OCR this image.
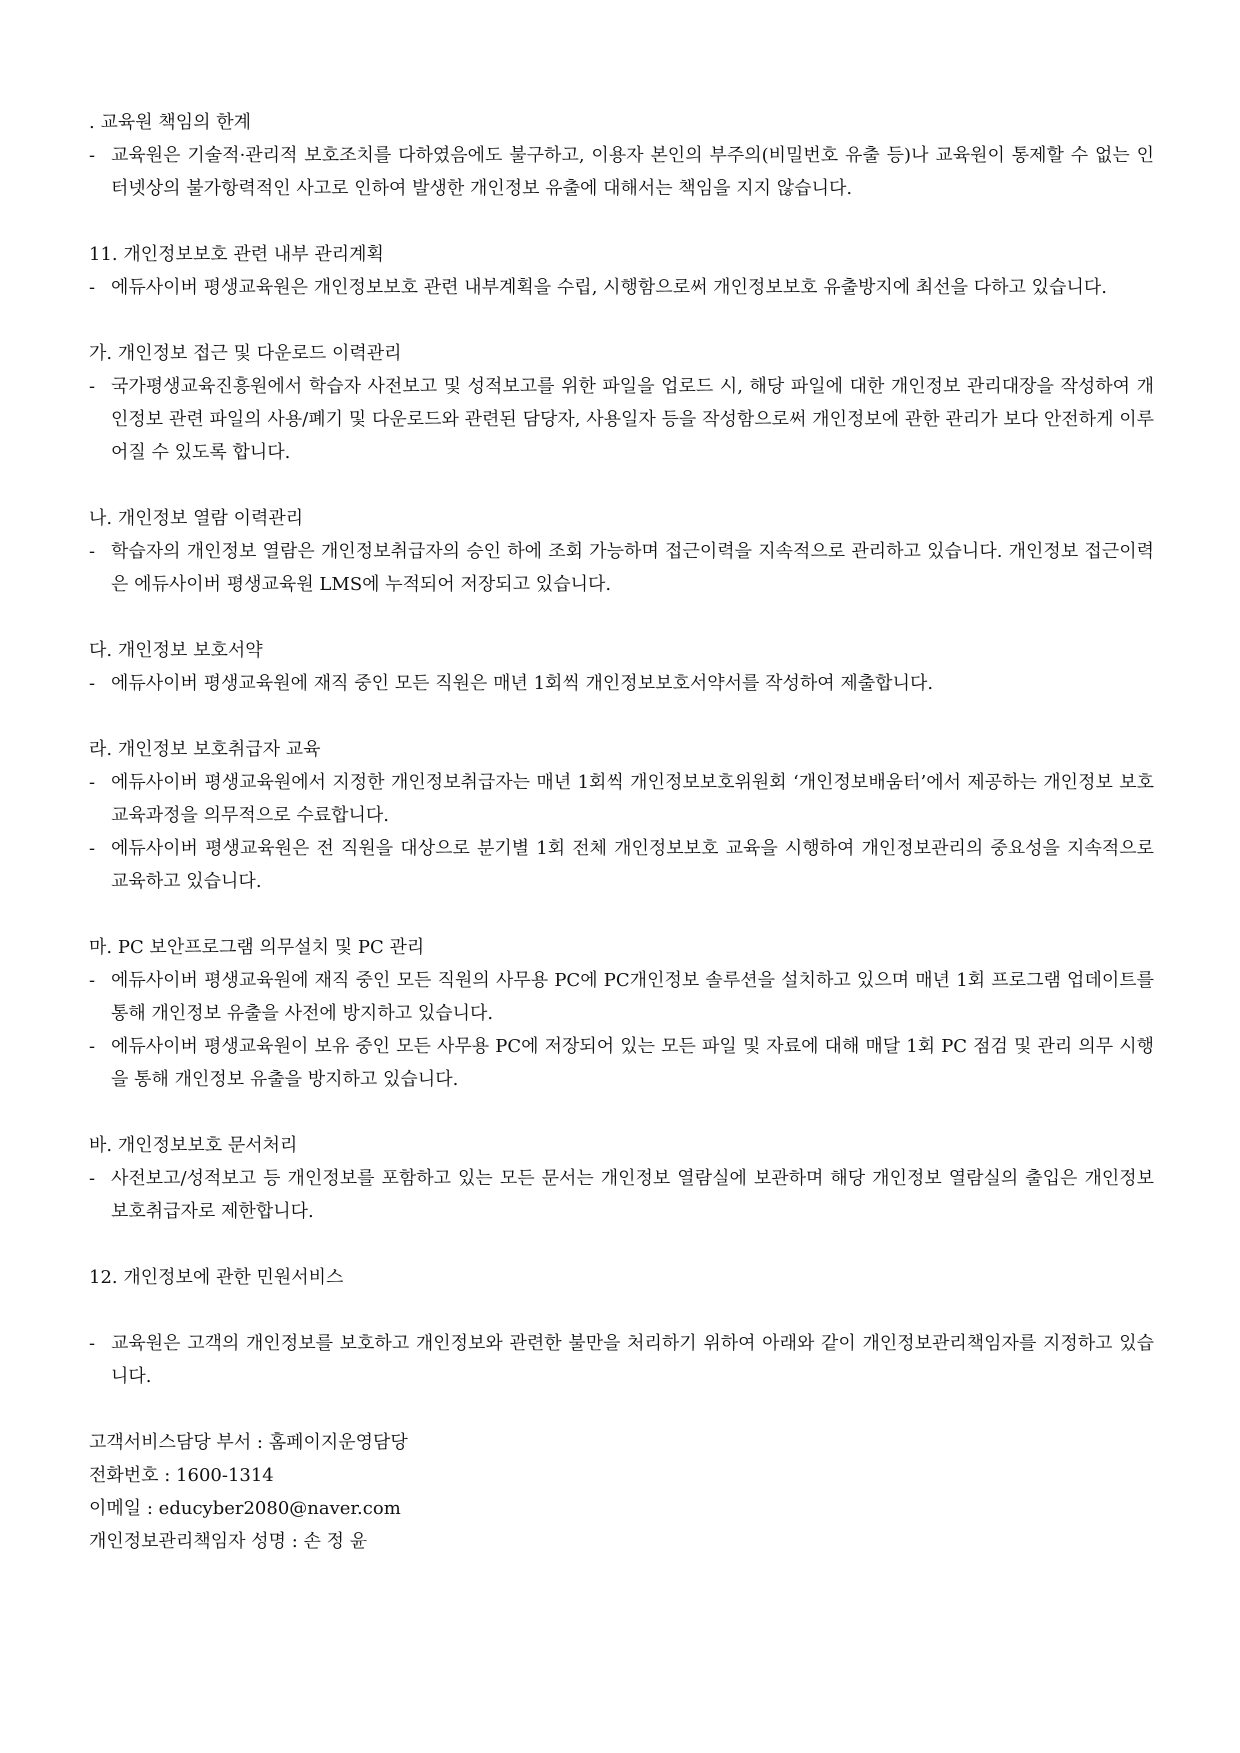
. 교육원 책임의 한계

- 교육원은 기술적·관리적 보호조치를 다하였음에도 불구하고, 이용자 본인의 부주의(비밀번호 유출 등)나 교육원이 통제할 수 없는 인터넷상의 불가항력적인 사고로 인하여 발생한 개인정보 유출에 대해서는 책임을 지지 않습니다.

11. 개인정보보호 관련 내부 관리계획

- 에듀사이버 평생교육원은 개인정보보호 관련 내부계획을 수립, 시행함으로써 개인정보보호 유출방지에 최선을 다하고 있습니다.

가. 개인정보 접근 및 다운로드 이력관리

- 국가평생교육진흥원에서 학습자 사전보고 및 성적보고를 위한 파일을 업로드 시, 해당 파일에 대한 개인정보 관리대장을 작성하여 개인정보 관련 파일의 사용/폐기 및 다운로드와 관련된 담당자, 사용일자 등을 작성함으로써 개인정보에 관한 관리가 보다 안전하게 이루어질 수 있도록 합니다.

나. 개인정보 열람 이력관리

- 학습자의 개인정보 열람은 개인정보취급자의 승인 하에 조회 가능하며 접근이력을 지속적으로 관리하고 있습니다. 개인정보 접근이력은 에듀사이버 평생교육원 LMS에 누적되어 저장되고 있습니다.

다. 개인정보 보호서약

- 에듀사이버 평생교육원에 재직 중인 모든 직원은 매년 1회씩 개인정보보호서약서를 작성하여 제출합니다.

라. 개인정보 보호취급자 교육

- 에듀사이버 평생교육원에서 지정한 개인정보취급자는 매년 1회씩 개인정보보호위원회 ‘개인정보배움터’에서 제공하는 개인정보 보호 교육과정을 의무적으로 수료합니다.
- 에듀사이버 평생교육원은 전 직원을 대상으로 분기별 1회 전체 개인정보보호 교육을 시행하여 개인정보관리의 중요성을 지속적으로 교육하고 있습니다.

마. PC 보안프로그램 의무설치 및 PC 관리

- 에듀사이버 평생교육원에 재직 중인 모든 직원의 사무용 PC에 PC개인정보 솔루션을 설치하고 있으며 매년 1회 프로그램 업데이트를 통해 개인정보 유출을 사전에 방지하고 있습니다.
- 에듀사이버 평생교육원이 보유 중인 모든 사무용 PC에 저장되어 있는 모든 파일 및 자료에 대해 매달 1회 PC 점검 및 관리 의무 시행을 통해 개인정보 유출을 방지하고 있습니다.

바. 개인정보보호 문서처리

- 사전보고/성적보고 등 개인정보를 포함하고 있는 모든 문서는 개인정보 열람실에 보관하며 해당 개인정보 열람실의 출입은 개인정보 보호취급자로 제한합니다.

12. 개인정보에 관한 민원서비스

- 교육원은 고객의 개인정보를 보호하고 개인정보와 관련한 불만을 처리하기 위하여 아래와 같이 개인정보관리책임자를 지정하고 있습니다.

고객서비스담당 부서 : 홈페이지운영담당

전화번호 : 1600-1314

이메일 : educyber2080@naver.com

개인정보관리책임자 성명 : 손 정 윤
